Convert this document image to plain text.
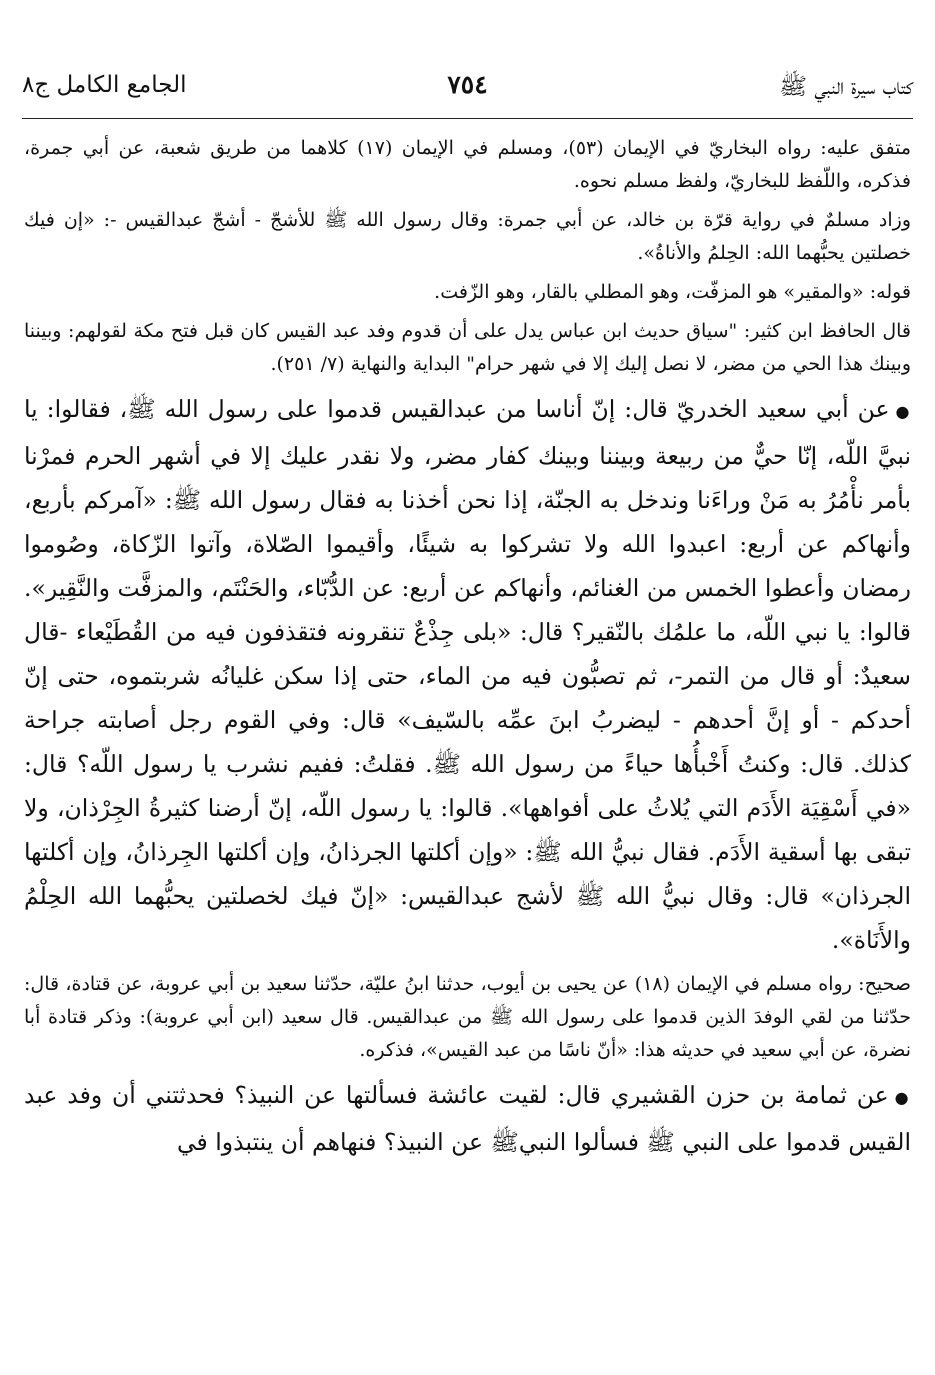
كتاب سيرة النبي ﷺ
٧٥٤
الجامع الكامل ج٨

متفق عليه: رواه البخاريّ في الإيمان (٥٣)، ومسلم في الإيمان (١٧) كلاهما من طريق شعبة، عن أبي جمرة، فذكره، واللّفظ للبخاريّ، ولفظ مسلم نحوه.

وزاد مسلمٌ في رواية قرّة بن خالد، عن أبي جمرة: وقال رسول الله ﷺ للأشجّ - أشجّ عبدالقيس -: «إن فيك خصلتين يحبُّهما الله: الحِلمُ والأناةُ».

قوله: «والمقير» هو المزفّت، وهو المطلي بالقار، وهو الزّفت.

قال الحافظ ابن كثير: "سياق حديث ابن عباس يدل على أن قدوم وفد عبد القيس كان قبل فتح مكة لقولهم: وبيننا وبينك هذا الحي من مضر، لا نصل إليك إلا في شهر حرام" البداية والنهاية (٧/ ٢٥١).

●عن أبي سعيد الخدريّ قال: إنّ أناسا من عبدالقيس قدموا على رسول الله ﷺ، فقالوا: يا نبيَّ اللّه، إنّا حيٌّ من ربيعة وبيننا وبينك كفار مضر، ولا نقدر عليك إلا في أشهر الحرم فمرْنا بأمر نأْمُرُ به مَنْ وراءَنا وندخل به الجنّة، إذا نحن أخذنا به فقال رسول الله ﷺ: «آمركم بأربع، وأنهاكم عن أربع: اعبدوا الله ولا تشركوا به شيئًا، وأقيموا الصّلاة، وآتوا الزّكاة، وصُوموا رمضان وأعطوا الخمس من الغنائم، وأنهاكم عن أربع: عن الدُّبّاء، والحَنْتَم، والمزفَّت والنَّقِير». قالوا: يا نبي اللّه، ما علمُك بالنّقير؟ قال: «بلى جِذْعٌ تنقرونه فتقذفون فيه من القُطَيْعاء -قال سعيدٌ: أو قال من التمر-، ثم تصبُّون فيه من الماء، حتى إذا سكن غليانُه شربتموه، حتى إنّ أحدكم - أو إنَّ أحدهم - ليضربُ ابنَ عمِّه بالسّيف» قال: وفي القوم رجل أصابته جراحة كذلك. قال: وكنتُ أَخْبأُها حياءً من رسول الله ﷺ. فقلتُ: ففيم نشرب يا رسول اللّه؟ قال: «في أَسْقِيَة الأَدَم التي يُلاثُ على أفواهها». قالوا: يا رسول اللّه، إنّ أرضنا كثيرةُ الجِرْذان، ولا تبقى بها أسقية الأَدَم. فقال نبيُّ الله ﷺ: «وإن أكلتها الجرذانُ، وإن أكلتها الجِرذانُ، وإن أكلتها الجرذان» قال: وقال نبيُّ الله ﷺ لأشج عبدالقيس: «إنّ فيك لخصلتين يحبُّهما الله الحِلْمُ والأَنَاة».

صحيح: رواه مسلم في الإيمان (١٨) عن يحيى بن أيوب، حدثنا ابنُ عليّة، حدّثنا سعيد بن أبي عروبة، عن قتادة، قال: حدّثنا من لقي الوفدَ الذين قدموا على رسول الله ﷺ من عبدالقيس. قال سعيد (ابن أبي عروبة): وذكر قتادة أبا نضرة، عن أبي سعيد في حديثه هذا: «أنّ ناسًا من عبد القيس»، فذكره.

●عن ثمامة بن حزن القشيري قال: لقيت عائشة فسألتها عن النبيذ؟ فحدثتني أن وفد عبد القيس قدموا على النبي ﷺ فسألوا النبيﷺ عن النبيذ؟ فنهاهم أن ينتبذوا في
